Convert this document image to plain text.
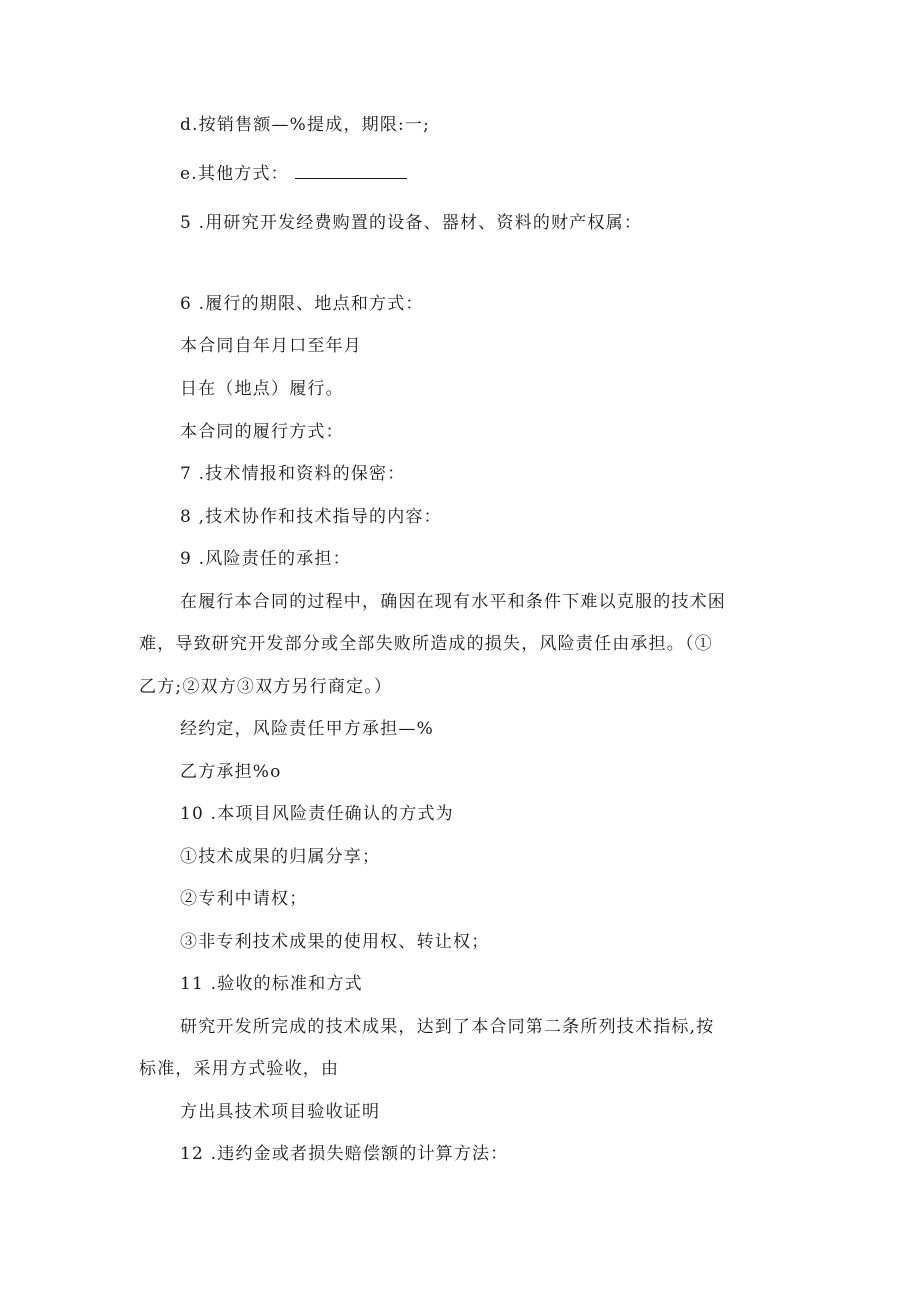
d.按销售额—%提成，期限:一;
e.其他方式：
5 .用研究开发经费购置的设备、器材、资料的财产权属：
6 .履行的期限、地点和方式：
本合同自年月口至年月
日在（地点）履行。
本合同的履行方式：
7 .技术情报和资料的保密：
8 ,技术协作和技术指导的内容：
9 .风险责任的承担：
在履行本合同的过程中，确因在现有水平和条件下难以克服的技术困
难，导致研究开发部分或全部失败所造成的损失，风险责任由承担。（①
乙方;②双方③双方另行商定。）
经约定，风险责任甲方承担—%
乙方承担%o
10 .本项目风险责任确认的方式为
①技术成果的归属分享；
②专利中请权；
③非专利技术成果的使用权、转让权；
11 .验收的标准和方式
研究开发所完成的技术成果，达到了本合同第二条所列技术指标,按
标准，采用方式验收，由
方出具技术项目验收证明
12 .违约金或者损失赔偿额的计算方法：
